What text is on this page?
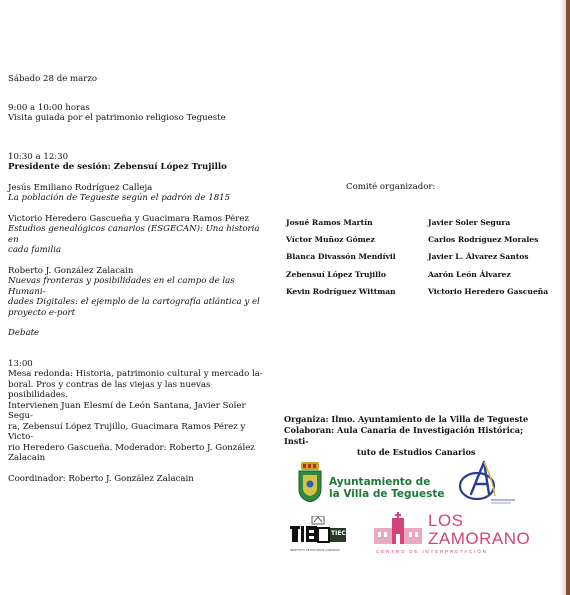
Sábado 28 de marzo

9:00 a 10:00 horas

Visita guiada por el patrimonio religioso Tegueste

10:30 a 12:30

Presidente de sesión: Zebensuí López Trujillo

Jesús Emiliano Rodríguez Calleja

La población de Tegueste según el padrón de 1815

Victorio Heredero Gascueña y Guacimara Ramos Pérez

Estudios genealógicos canarios (ESGECAN): Una historia en

cada familia

Roberto J. González Zalacain

Nuevas fronteras y posibilidades en el campo de las Humani-

dades Digitales: el ejemplo de la cartografía atlántica y el

proyecto e-port

Debate

13:00

Mesa redonda: Historia, patrimonio cultural y mercado la-

boral. Pros y contras de las viejas y las nuevas posibilidades.

Intervienen Juan Elesmí de León Santana, Javier Soler Segu-

ra, Zebensuí López Trujillo, Guacimara Ramos Pérez y Victo-

rio Heredero Gascueña. Moderador: Roberto J. González

Zalacain

Coordinador: Roberto J. González Zalacain

Comité organizador:
Josué Ramos Martín	Javier Soler Segura
Víctor Muñoz Gómez	Carlos Rodríguez Morales
Blanca Divassón Mendívil	Javier L. Álvarez Santos
Zebensuí López Trujillo	Aarón León Álvarez
Kevin Rodríguez Wittman	Victorio Heredero Gascueña

Organiza: Ilmo. Ayuntamiento de la Villa de Tegueste

Colaboran: Aula Canaria de Investigación Histórica; Insti-

tuto de Estudios Canarios

Ayuntamiento de
la Villa de Tegueste
TIECan
INSTITUTO DE ESTUDIOS CANARIOS
LOS
ZAMORANO
CENTRO DE INTERPRETACIÓN
